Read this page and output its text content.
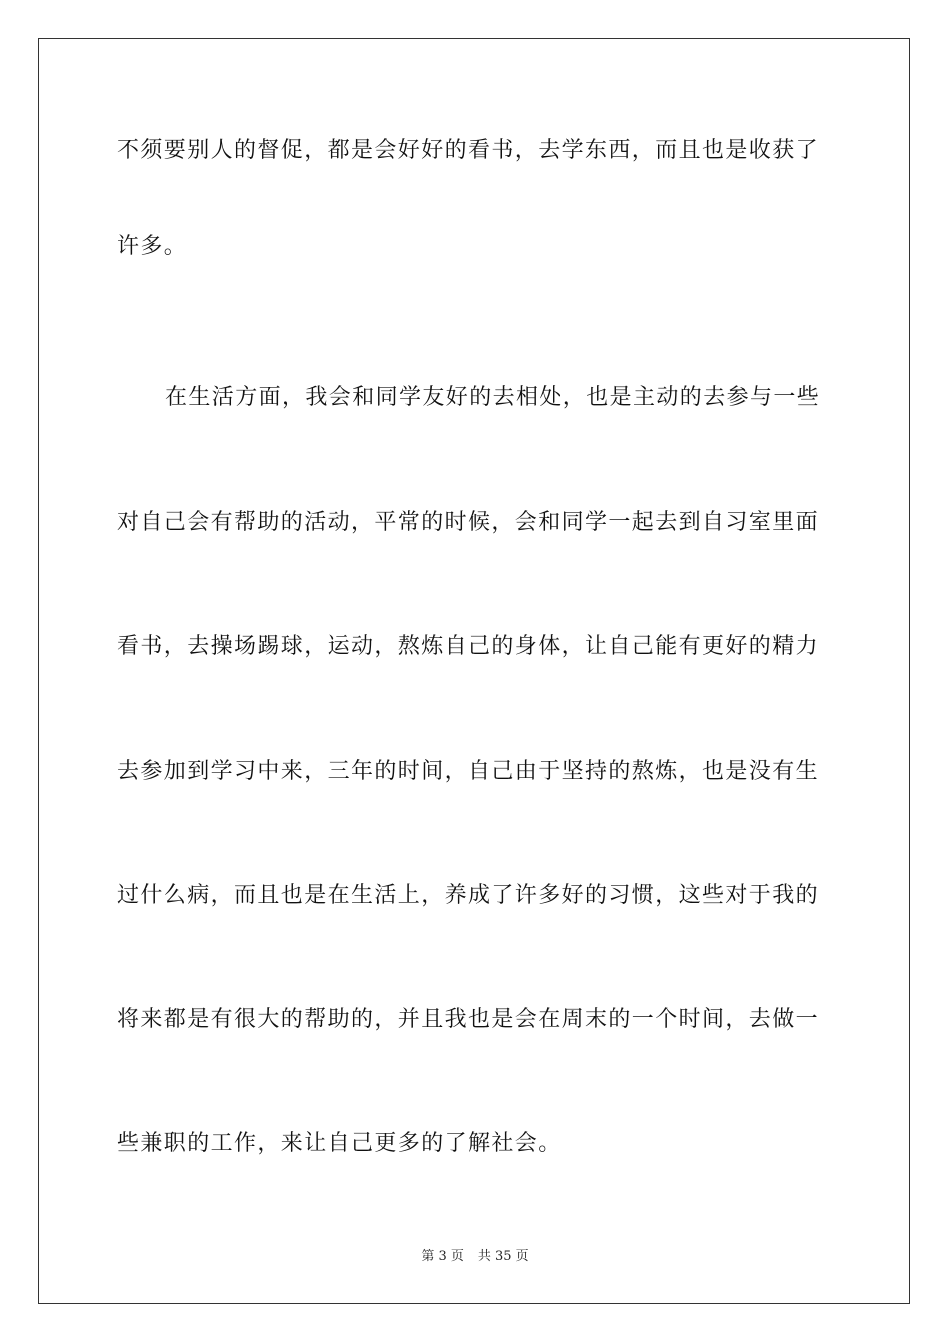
不须要别人的督促，都是会好好的看书，去学东西，而且也是收获了
许多。
在生活方面，我会和同学友好的去相处，也是主动的去参与一些
对自己会有帮助的活动，平常的时候，会和同学一起去到自习室里面
看书，去操场踢球，运动，熬炼自己的身体，让自己能有更好的精力
去参加到学习中来，三年的时间，自己由于坚持的熬炼，也是没有生
过什么病，而且也是在生活上，养成了许多好的习惯，这些对于我的
将来都是有很大的帮助的，并且我也是会在周末的一个时间，去做一
些兼职的工作，来让自己更多的了解社会。
第 3 页 共 35 页
